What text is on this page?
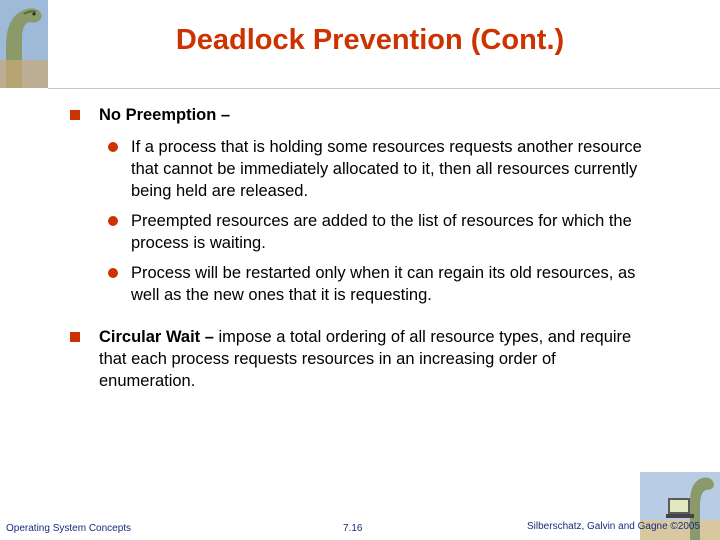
Deadlock Prevention (Cont.)
No Preemption –
If a process that is holding some resources requests another resource that cannot be immediately allocated to it, then all resources currently being held are released.
Preempted resources are added to the list of resources for which the process is waiting.
Process will be restarted only when it can regain its old resources, as well as the new ones that it is requesting.
Circular Wait – impose a total ordering of all resource types, and require that each process requests resources in an increasing order of enumeration.
Operating System Concepts	7.16	Silberschatz, Galvin and Gagne ©2005
